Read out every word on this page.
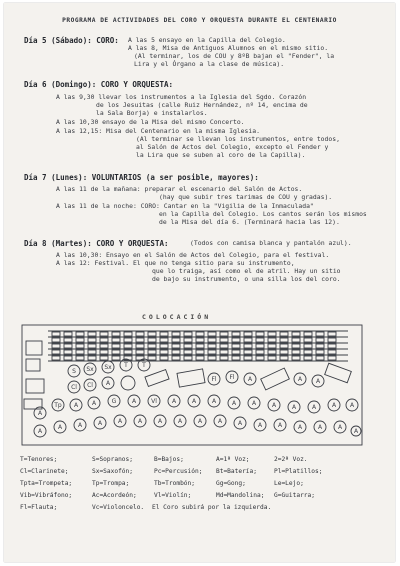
PROGRAMA DE ACTIVIDADES DEL CORO Y ORQUESTA DURANTE EL CENTENARIO
Día 5 (Sábado): CORO: A las 5 ensayo en la Capilla del Colegio.
A las 8, Misa de Antiguos Alumnos en el mismo sitio.
(Al terminar, los de COU y 8ºB bajan el "Fender", la
Lira y el Órgano a la clase de música).
Día 6 (Domingo): CORO Y ORQUESTA:
A las 9,30 llevar los instrumentos a la Iglesia del Sgdo. Corazón
de los Jesuitas (calle Ruiz Hernández, nº 14, encima de
la Sala Borja) e instalarlos.
A las 10,30 ensayo de la Misa del mismo Concerto.
A las 12,15: Misa del Centenario en la misma Iglesia.
(Al terminar se llevan los instrumentos, entre todos,
al Salón de Actos del Colegio, excepto el Fender y
la Lira que se suben al coro de la Capilla).
Día 7 (Lunes): VOLUNTARIOS (a ser posible, mayores):
A las 11 de la mañana: preparar el escenario del Salón de Actos.
(hay que subir tres tarimas de COU y gradas).
A las 11 de la noche: CORO: Cantar en la "Vigilia de la Inmaculada"
en la Capilla del Colegio. Los cantos serán los mismos
de la Misa del día 6. (Terminará hacia las 12).
Día 8 (Martes): CORO Y ORQUESTA:	(Todos con camisa blanca y pantalón azul).
A las 10,30: Ensayo en el Salón de Actos del Colegio, para el festival.
A las 12: Festival. El que no tenga sitio para su instrumento,
que lo traiga, así como el de atril. Hay un sitio
de bajo su instrumento, o una silla los del coro.
COLOCACIÓN
S Sx Sx T T
Cl Cl A
Fl Fl A	A A
A
Tp A A	G	A	Vl	A	A	A	A	A	A	A	A	A A
A
A	A	A	A	A	A	A	A	A	A	A	A	A	A	A
A
T=Tenores;	S=Sopranos;	B=Bajos;	A=1ª Voz;	2=2ª Voz.
Cl=Clarinete;	Sx=Saxofón;	Pc=Percusión; Bt=Batería;	Pl=Platillos;
Tpta=Trompeta;	Tp=Trompa;	Tb=Trombón;	Gg=Gong;	Le=Lejo;
Vib=Vibráfono;	Ac=Acordeón;	Vl=Violín;	Md=Mandolina; G=Guitarra;
Fl=Flauta;	Vc=Violoncelo. El Coro subirá por la izquierda.
